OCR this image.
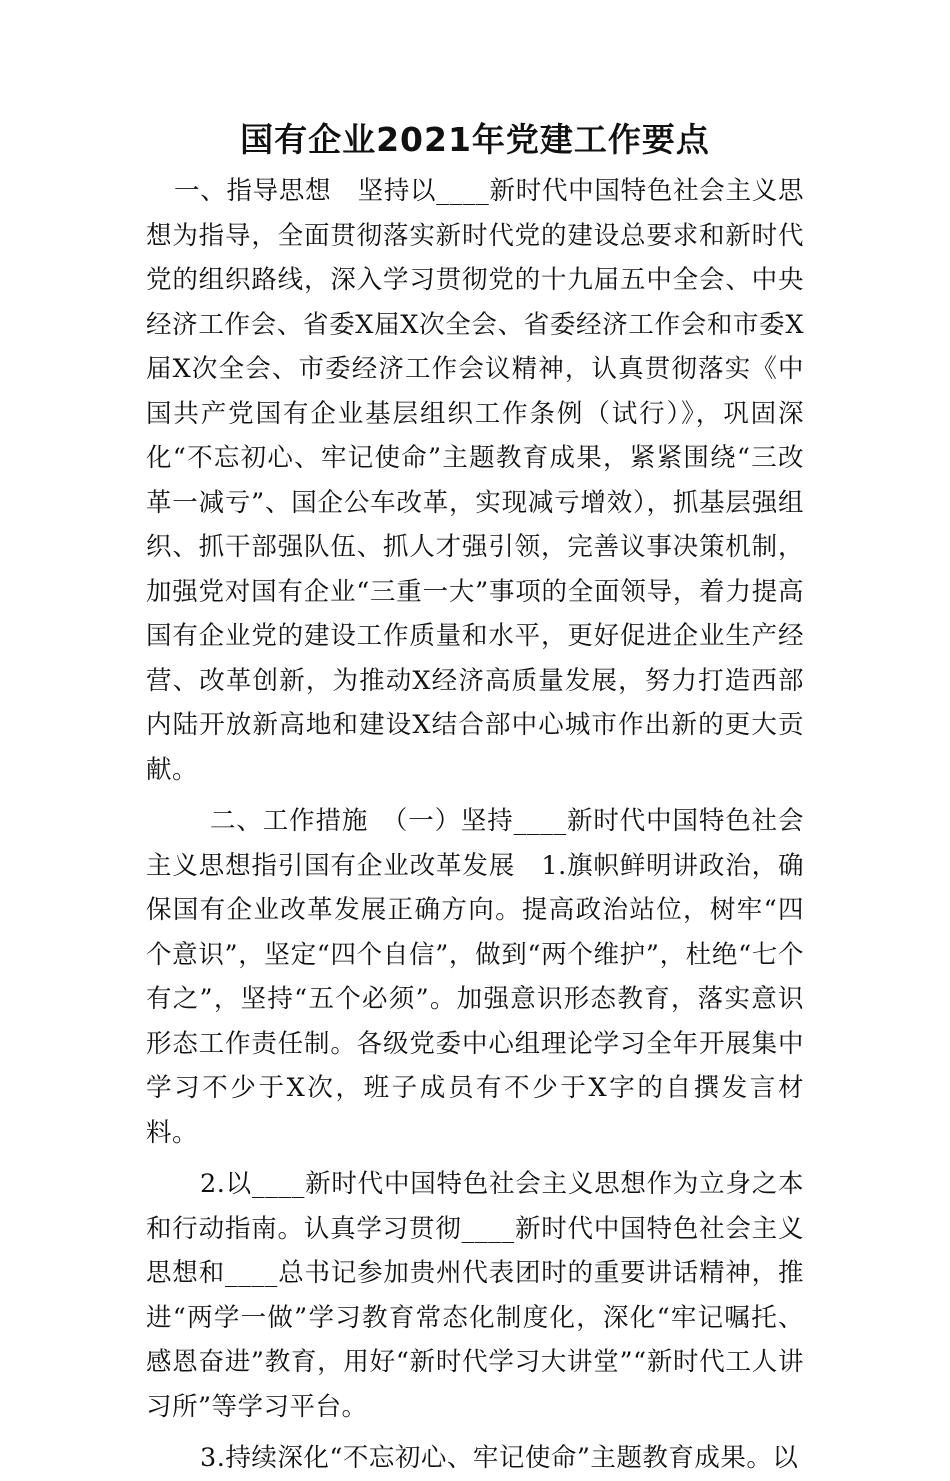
国有企业2021年党建工作要点

一、指导思想　坚持以____新时代中国特色社会主义思想为指导，全面贯彻落实新时代党的建设总要求和新时代党的组织路线，深入学习贯彻党的十九届五中全会、中央经济工作会、省委X届X次全会、省委经济工作会和市委X届X次全会、市委经济工作会议精神，认真贯彻落实《中国共产党国有企业基层组织工作条例（试行）》，巩固深化“不忘初心、牢记使命”主题教育成果，紧紧围绕“三改革一减亏”、国企公车改革，实现减亏增效），抓基层强组织、抓干部强队伍、抓人才强引领，完善议事决策机制，加强党对国有企业“三重一大”事项的全面领导，着力提高国有企业党的建设工作质量和水平，更好促进企业生产经营、改革创新，为推动X经济高质量发展，努力打造西部内陆开放新高地和建设X结合部中心城市作出新的更大贡献。

二、工作措施　（一）坚持____新时代中国特色社会主义思想指引国有企业改革发展　1.旗帜鲜明讲政治，确保国有企业改革发展正确方向。提高政治站位，树牢“四个意识”，坚定“四个自信”，做到“两个维护”，杜绝“七个有之”，坚持“五个必须”。加强意识形态教育，落实意识形态工作责任制。各级党委中心组理论学习全年开展集中学习不少于X次，班子成员有不少于X字的自撰发言材料。

2.以____新时代中国特色社会主义思想作为立身之本和行动指南。认真学习贯彻____新时代中国特色社会主义思想和____总书记参加贵州代表团时的重要讲话精神，推进“两学一做”学习教育常态化制度化，深化“牢记嘱托、感恩奋进”教育，用好“新时代学习大讲堂”“新时代工人讲习所”等学习平台。

3.持续深化“不忘初心、牢记使命”主题教育成果。以
